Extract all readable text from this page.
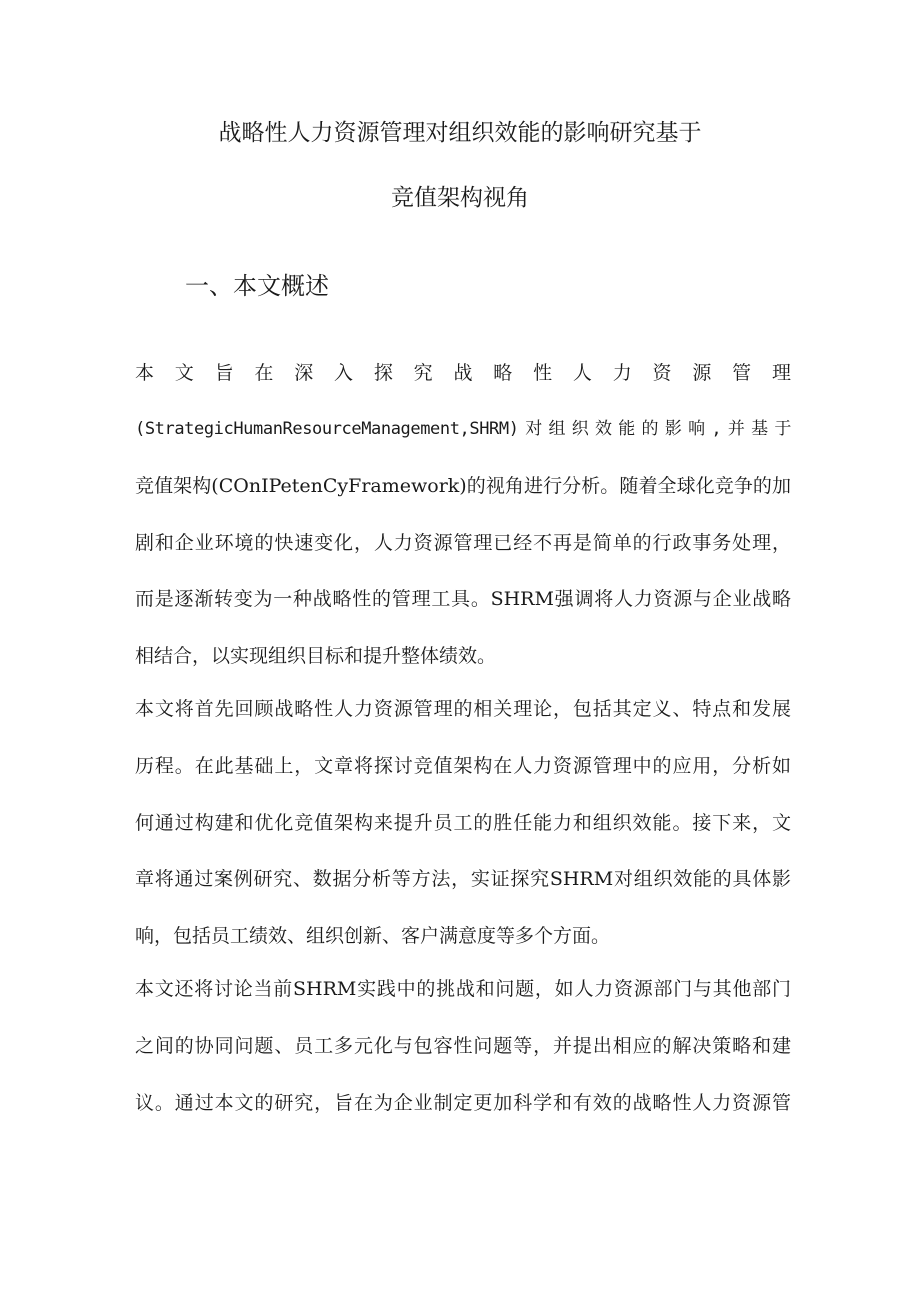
战略性人力资源管理对组织效能的影响研究基于
竞值架构视角
一、本文概述
本 文 旨 在 深 入 探 究 战 略 性 人 力 资 源 管 理
(StrategicHumanResourceManagement,SHRM)对组织效能的影响,并基于
竞值架构(COnIPetenCyFramework)的视角进行分析。随着全球化竞争的加
剧和企业环境的快速变化，人力资源管理已经不再是简单的行政事务处理，
而是逐渐转变为一种战略性的管理工具。SHRM强调将人力资源与企业战略
相结合，以实现组织目标和提升整体绩效。
本文将首先回顾战略性人力资源管理的相关理论，包括其定义、特点和发展
历程。在此基础上，文章将探讨竞值架构在人力资源管理中的应用，分析如
何通过构建和优化竞值架构来提升员工的胜任能力和组织效能。接下来，文
章将通过案例研究、数据分析等方法，实证探究SHRM对组织效能的具体影
响，包括员工绩效、组织创新、客户满意度等多个方面。
本文还将讨论当前SHRM实践中的挑战和问题，如人力资源部门与其他部门
之间的协同问题、员工多元化与包容性问题等，并提出相应的解决策略和建
议。通过本文的研究，旨在为企业制定更加科学和有效的战略性人力资源管
